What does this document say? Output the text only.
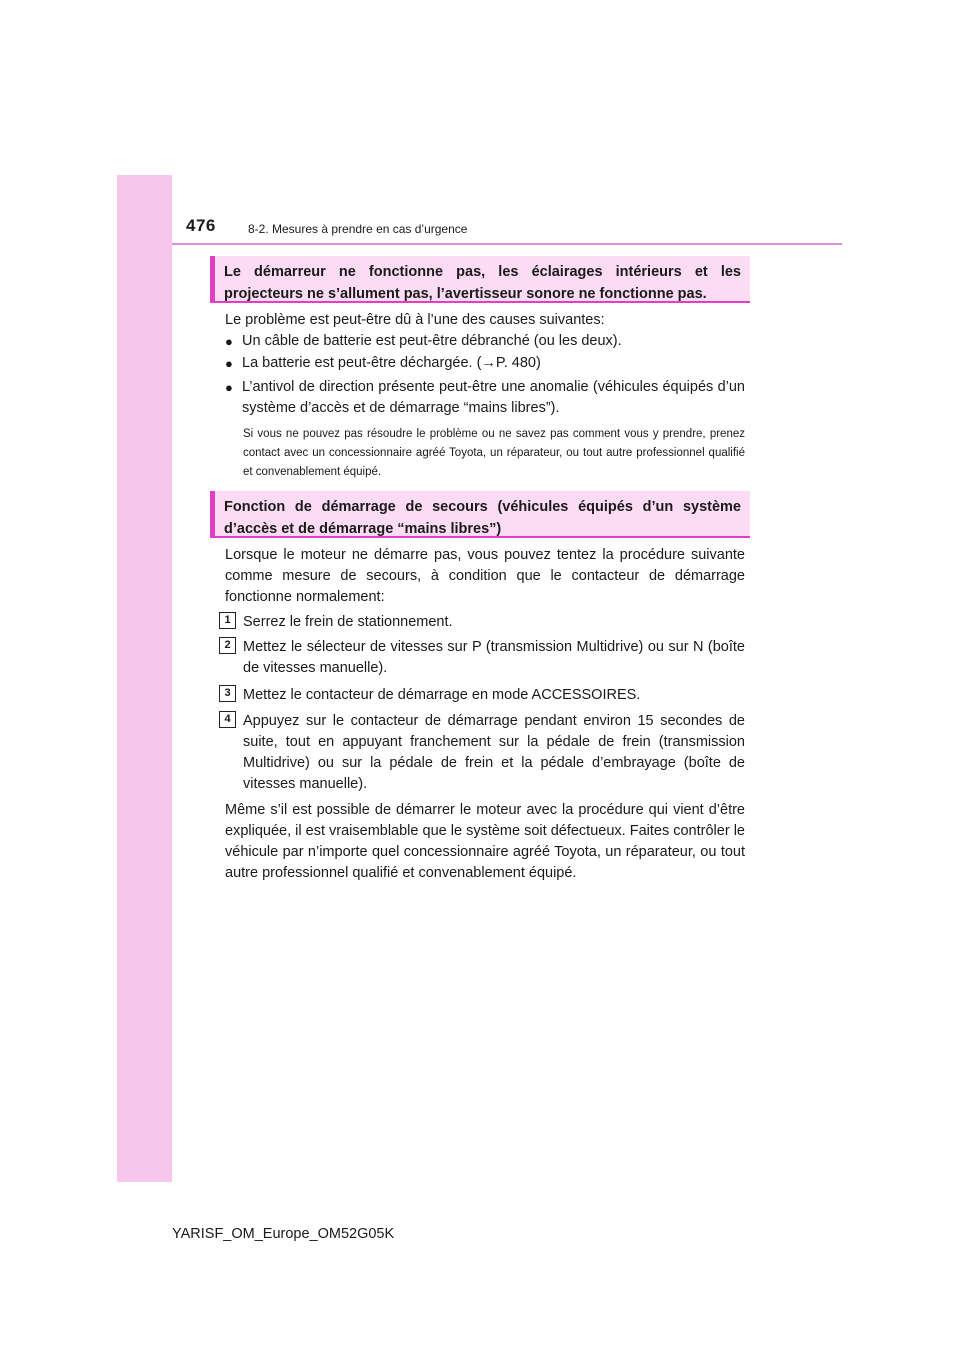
476	8-2. Mesures à prendre en cas d’urgence
Le démarreur ne fonctionne pas, les éclairages intérieurs et les projecteurs ne s’allument pas, l’avertisseur sonore ne fonctionne pas.

Le problème est peut-être dû à l’une des causes suivantes:

● Un câble de batterie est peut-être débranché (ou les deux).
● La batterie est peut-être déchargée. (→P. 480)
● L’antivol de direction présente peut-être une anomalie (véhicules équipés d’un système d’accès et de démarrage “mains libres”).
Si vous ne pouvez pas résoudre le problème ou ne savez pas comment vous y prendre, prenez contact avec un concessionnaire agréé Toyota, un réparateur, ou tout autre professionnel qualifié et convenablement équipé.
Fonction de démarrage de secours (véhicules équipés d’un système d’accès et de démarrage “mains libres”)

Lorsque le moteur ne démarre pas, vous pouvez tentez la procédure suivante comme mesure de secours, à condition que le contacteur de démarrage fonctionne normalement:

1 Serrez le frein de stationnement.
2 Mettez le sélecteur de vitesses sur P (transmission Multidrive) ou sur N (boîte de vitesses manuelle).
3 Mettez le contacteur de démarrage en mode ACCESSOIRES.
4 Appuyez sur le contacteur de démarrage pendant environ 15 secondes de suite, tout en appuyant franchement sur la pédale de frein (transmission Multidrive) ou sur la pédale de frein et la pédale d’embrayage (boîte de vitesses manuelle).

Même s’il est possible de démarrer le moteur avec la procédure qui vient d’être expliquée, il est vraisemblable que le système soit défectueux. Faites contrôler le véhicule par n’importe quel concessionnaire agréé Toyota, un réparateur, ou tout autre professionnel qualifié et convenablement équipé.

YARISF_OM_Europe_OM52G05K
